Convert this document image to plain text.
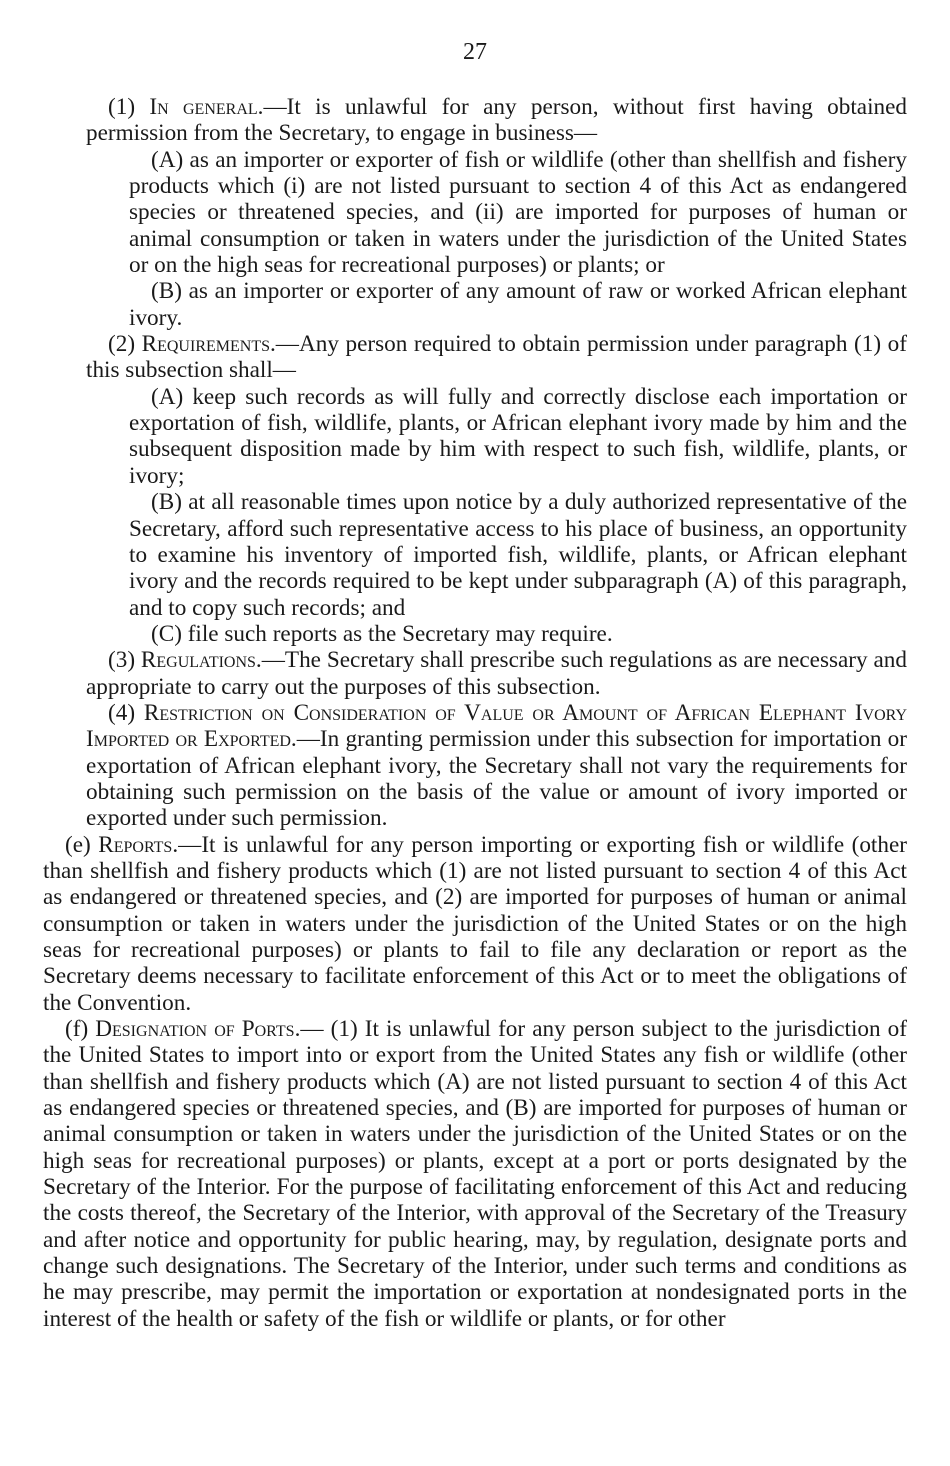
27

(1) In general.—It is unlawful for any person, without first having obtained permission from the Secretary, to engage in business—

(A) as an importer or exporter of fish or wildlife (other than shellfish and fishery products which (i) are not listed pursuant to section 4 of this Act as endangered species or threatened species, and (ii) are imported for purposes of human or animal consumption or taken in waters under the jurisdiction of the United States or on the high seas for recreational purposes) or plants; or

(B) as an importer or exporter of any amount of raw or worked African elephant ivory.

(2) Requirements.—Any person required to obtain permission under paragraph (1) of this subsection shall—

(A) keep such records as will fully and correctly disclose each importation or exportation of fish, wildlife, plants, or African elephant ivory made by him and the subsequent disposition made by him with respect to such fish, wildlife, plants, or ivory;

(B) at all reasonable times upon notice by a duly authorized representative of the Secretary, afford such representative access to his place of business, an opportunity to examine his inventory of imported fish, wildlife, plants, or African elephant ivory and the records required to be kept under subparagraph (A) of this paragraph, and to copy such records; and

(C) file such reports as the Secretary may require.

(3) Regulations.—The Secretary shall prescribe such regulations as are necessary and appropriate to carry out the purposes of this subsection.

(4) Restriction on Consideration of Value or Amount of African Elephant Ivory Imported or Exported.—In granting permission under this subsection for importation or exportation of African elephant ivory, the Secretary shall not vary the requirements for obtaining such permission on the basis of the value or amount of ivory imported or exported under such permission.

(e) Reports.—It is unlawful for any person importing or exporting fish or wildlife (other than shellfish and fishery products which (1) are not listed pursuant to section 4 of this Act as endangered or threatened species, and (2) are imported for purposes of human or animal consumption or taken in waters under the jurisdiction of the United States or on the high seas for recreational purposes) or plants to fail to file any declaration or report as the Secretary deems necessary to facilitate enforcement of this Act or to meet the obligations of the Convention.

(f) Designation of Ports.— (1) It is unlawful for any person subject to the jurisdiction of the United States to import into or export from the United States any fish or wildlife (other than shellfish and fishery products which (A) are not listed pursuant to section 4 of this Act as endangered species or threatened species, and (B) are imported for purposes of human or animal consumption or taken in waters under the jurisdiction of the United States or on the high seas for recreational purposes) or plants, except at a port or ports designated by the Secretary of the Interior. For the purpose of facilitating enforcement of this Act and reducing the costs thereof, the Secretary of the Interior, with approval of the Secretary of the Treasury and after notice and opportunity for public hearing, may, by regulation, designate ports and change such designations. The Secretary of the Interior, under such terms and conditions as he may prescribe, may permit the importation or exportation at nondesignated ports in the interest of the health or safety of the fish or wildlife or plants, or for other
